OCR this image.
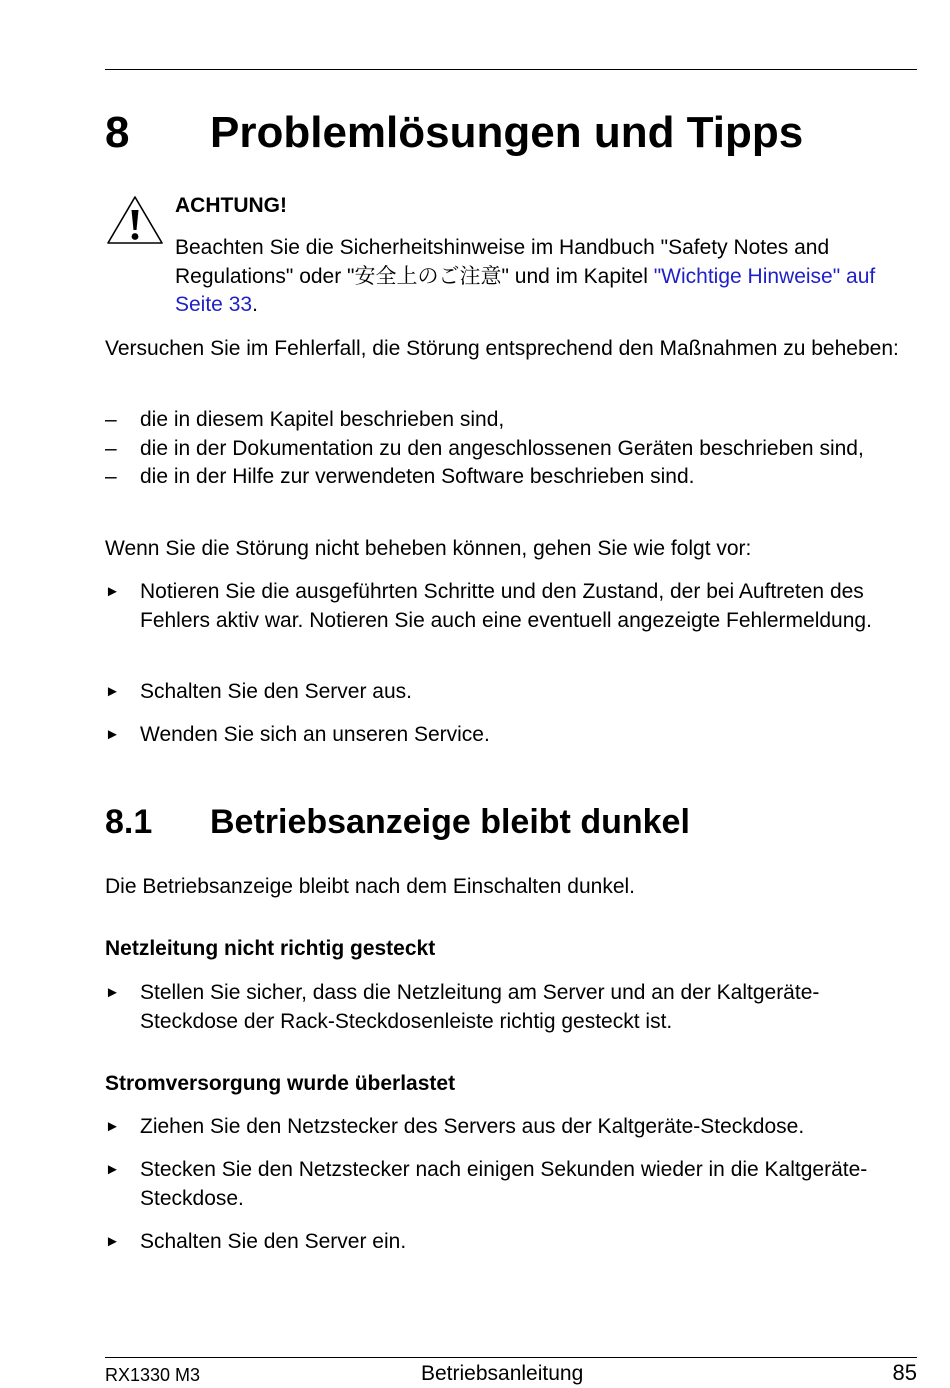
8 Problemlösungen und Tipps
ACHTUNG!

Beachten Sie die Sicherheitshinweise im Handbuch "Safety Notes and Regulations" oder "安全上のご注意" und im Kapitel "Wichtige Hinweise" auf Seite 33.

Versuchen Sie im Fehlerfall, die Störung entsprechend den Maßnahmen zu beheben:

– die in diesem Kapitel beschrieben sind,
– die in der Dokumentation zu den angeschlossenen Geräten beschrieben sind,
– die in der Hilfe zur verwendeten Software beschrieben sind.

Wenn Sie die Störung nicht beheben können, gehen Sie wie folgt vor:

► Notieren Sie die ausgeführten Schritte und den Zustand, der bei Auftreten des Fehlers aktiv war. Notieren Sie auch eine eventuell angezeigte Fehlermeldung.
► Schalten Sie den Server aus.
► Wenden Sie sich an unseren Service.
8.1 Betriebsanzeige bleibt dunkel

Die Betriebsanzeige bleibt nach dem Einschalten dunkel.

Netzleitung nicht richtig gesteckt
► Stellen Sie sicher, dass die Netzleitung am Server und an der Kaltgeräte-Steckdose der Rack-Steckdosenleiste richtig gesteckt ist.
Stromversorgung wurde überlastet
► Ziehen Sie den Netzstecker des Servers aus der Kaltgeräte-Steckdose.
► Stecken Sie den Netzstecker nach einigen Sekunden wieder in die Kaltgeräte-Steckdose.
► Schalten Sie den Server ein.
RX1330 M3	Betriebsanleitung	85
